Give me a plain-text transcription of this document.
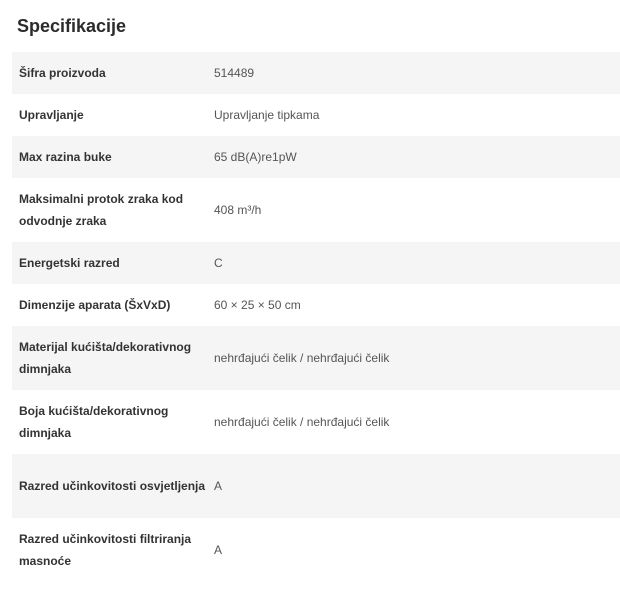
Specifikacije
Šifra proizvoda	514489
Upravljanje	Upravljanje tipkama
Max razina buke	65 dB(A)re1pW
Maksimalni protok zraka kod odvodnje zraka	408 m³/h
Energetski razred	C
Dimenzije aparata (ŠxVxD)	60 × 25 × 50 cm
Materijal kućišta/dekorativnog dimnjaka	nehrđajući čelik / nehrđajući čelik
Boja kućišta/dekorativnog dimnjaka	nehrđajući čelik / nehrđajući čelik
Razred učinkovitosti osvjetljenja	A
Razred učinkovitosti filtriranja masnoće	A
